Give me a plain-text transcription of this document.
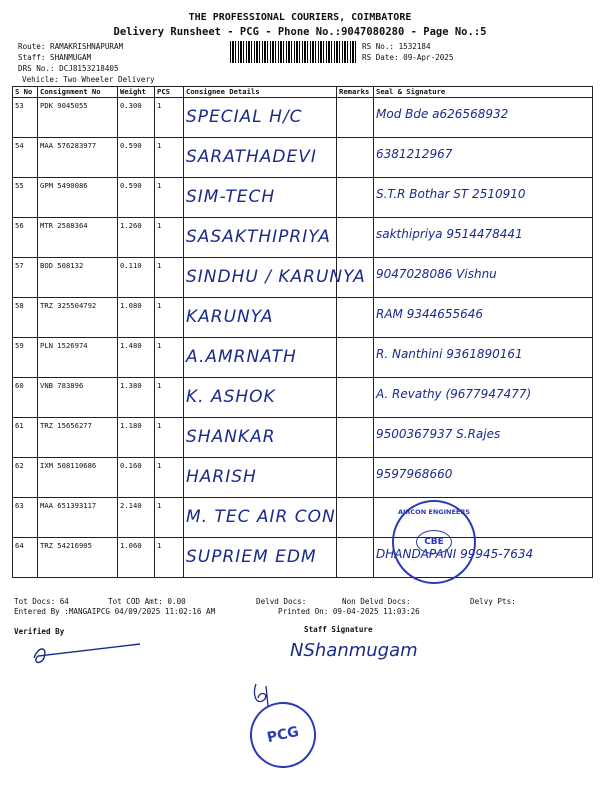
THE PROFESSIONAL COURIERS, COIMBATORE
Delivery Runsheet - PCG - Phone No.:9047080280 - Page No.:5
Route: RAMAKRISHNAPURAM
Staff: SHANMUGAM
DRS No.: DCJ8153218405
Vehicle: Two Wheeler Delivery
RS No.: 1532184
RS Date: 09-Apr-2025
S No	Consignment No	Weight	PCS	Consignee Details	Remarks	Seal & Signature
53	PDK 9045055	0.300	1	SPECIAL H/C		Mod Bde a626568932

54	MAA 576283977	0.590	1	SARATHADEVI		6381212967

55	GPM 5490086	0.590	1	SIM-TECH		S.T.R Bothar ST 2510910

56	MTR 2588364	1.260	1	SASAKTHIPRIYA		sakthipriya 9514478441

57	BOD 508132	0.110	1	SINDHU / KARUNYA		9047028086 Vishnu

58	TRZ 325504792	1.080	1	KARUNYA		RAM 9344655646

59	PLN 1526974	1.480	1	A.AMRNATH		R. Nanthini 9361890161

60	VNB 783896	1.380	1	K. ASHOK		A. Revathy (9677947477)

61	TRZ 15656277	1.180	1	SHANKAR		9500367937 S.Rajes

62	IXM 508110686	0.160	1	HARISH		9597968660

63	MAA 651393117	2.140	1	M. TEC AIR CON		

64	TRZ 54216905	1.060	1	SUPRIEM EDM		DHANDAPANI 99945-7634
AIRCON ENGINEERS
CBE
Tot Docs: 64	Tot COD Amt: 0.00	Delvd Docs:	Non Delvd Docs:	Delvy Pts:
Entered By :MANGAIPCG 04/09/2025 11:02:16 AM	Printed On: 09-04-2025 11:03:26
Verified By	Staff Signature
NShanmugam
PCG
